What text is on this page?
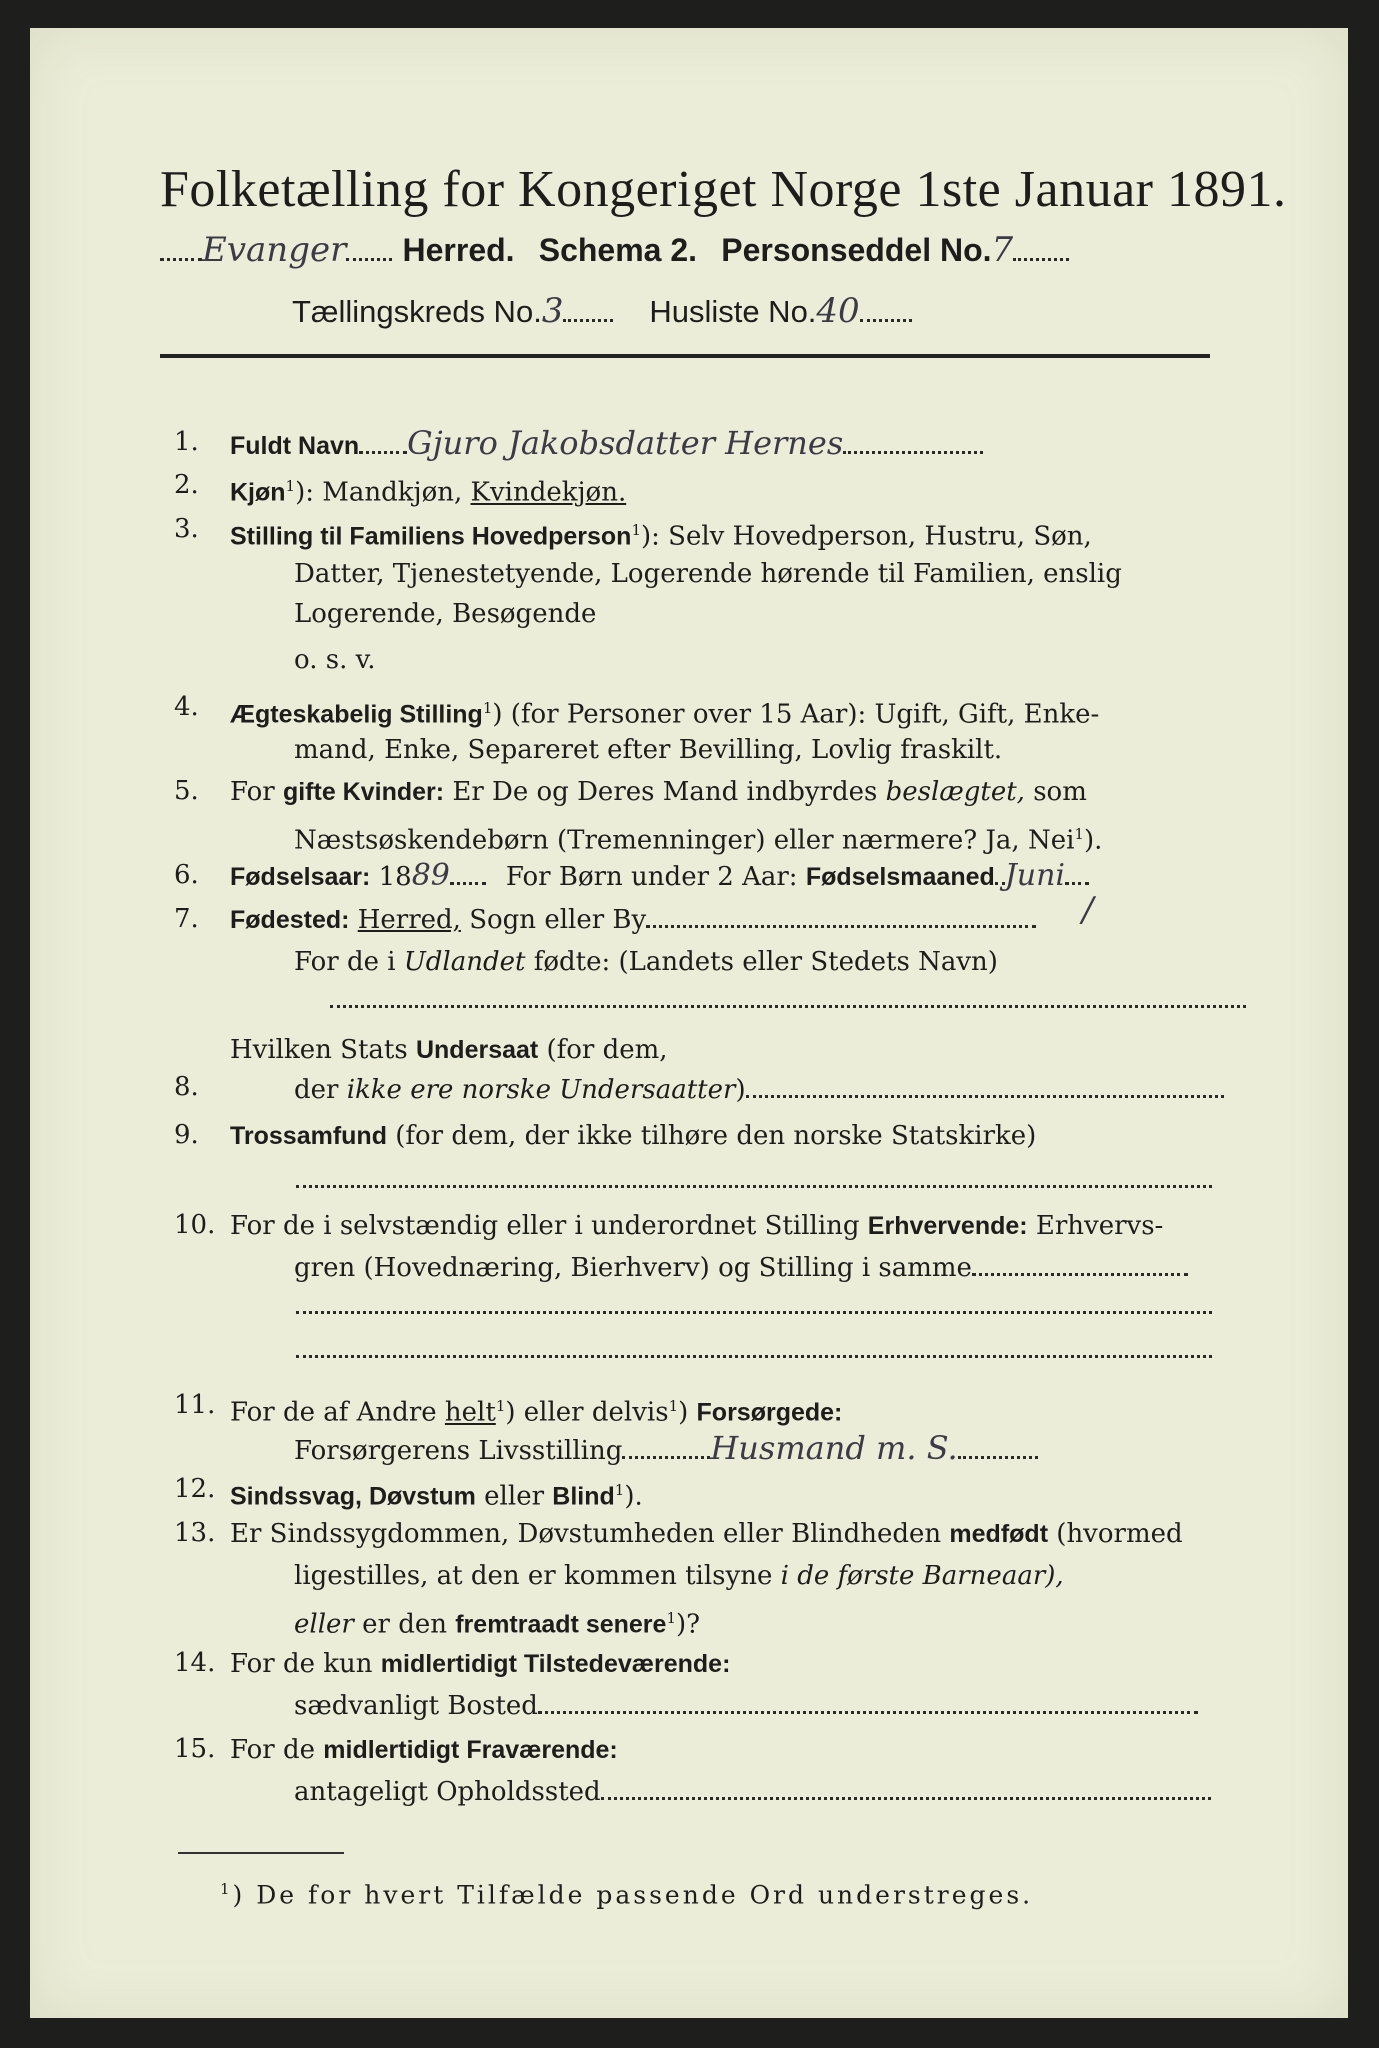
Folketælling for Kongeriget Norge 1ste Januar 1891.
Evanger Herred. Schema 2. Personseddel No.7
Tællingskreds No.3	Husliste No.40
1.	Fuldt Navn Gjuro Jakobsdatter Hernes
2.	Kjøn$^1$): Mandkjøn, Kvindekjøn.
3.	Stilling til Familiens Hovedperson$^1$): Selv Hovedperson, Hustru, Søn,
Datter, Tjenestetyende, Logerende hørende til Familien, enslig
Logerende, Besøgende
o. s. v.
4.	Ægteskabelig Stilling$^1$) (for Personer over 15 Aar): Ugift, Gift, Enke-
mand, Enke, Separeret efter Bevilling, Lovlig fraskilt.
5.	For gifte Kvinder: Er De og Deres Mand indbyrdes beslægtet, som
Næstsøskendebørn (Tremenninger) eller nærmere? Ja, Nei$^1$).
6.	Fødselsaar: 1889 For Børn under 2 Aar: Fødselsmaaned Juni
7.	Fødested: Herred, Sogn eller By	/
For de i Udlandet fødte: (Landets eller Stedets Navn)
8.
Hvilken Stats Undersaat (for dem,
der ikke ere norske Undersaatter)
9.	Trossamfund (for dem, der ikke tilhøre den norske Statskirke)
10. For de i selvstændig eller i underordnet Stilling Erhvervende: Erhvervs-
gren (Hovednæring, Bierhverv) og Stilling i samme
11. For de af Andre helt$^1$) eller delvis$^1$) Forsørgede:
Forsørgerens Livsstilling	Husmand m. S.
12. Sindssvag, Døvstum eller Blind$^1$).
13. Er Sindssygdommen, Døvstumheden eller Blindheden medfødt (hvormed
ligestilles, at den er kommen tilsyne i de første Barneaar),
eller er den fremtraadt senere$^1$)?
14. For de kun midlertidigt Tilstedeværende:
sædvanligt Bosted
15. For de midlertidigt Fraværende:
antageligt Opholdssted
$^1$) De for hvert Tilfælde passende Ord understreges.
